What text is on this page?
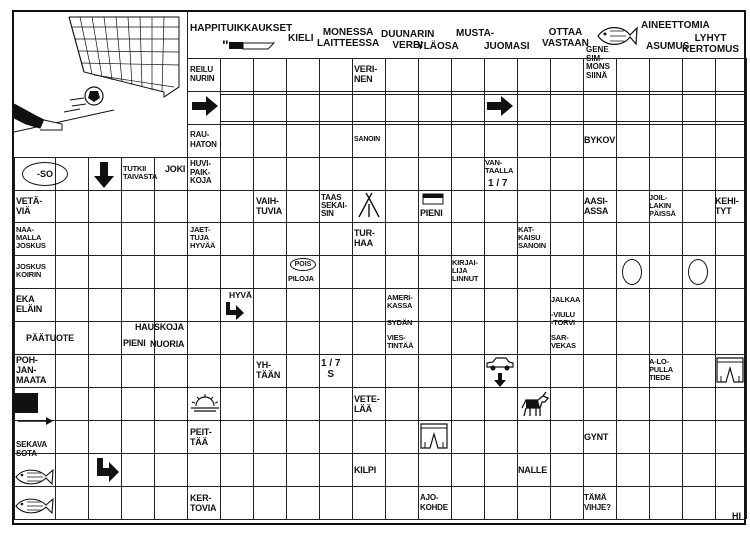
HAPPITUIKKAUKSET
"	KIELI
MONESSA
LAITTEESSA
DUUNARIN
VERBI
MUSTA-
YLÄOSA	JUOMASI
OTTAA
VASTAAN
AINEETTOMIA
ASUMUS
LYHYT
KERTOMUS
GENE

MONS
SIINÄ
REILU
NURIN
VERI-
NEN
RAU-
HATON
SANOIN	BYKOV
-SO
TUTKII
TAIVASTA
JOKI
HUVI-
PAIK-
KOJA
VAN-
TAALLA
1 / 7
VETÄ-
VIÄ
VAIH-
TUVIA
TAAS
SEKAI-
SIN	PIENI
AASI-
ASSA
JOIL-
LAKIN
PÄISSÄ
KEHI-
TYT
NAA-
MALLA
JOSKUS
JAET-
TUJA
HYVÄÄ
TUR-
HAA
KAT-
KAISU
SANOIN
JOSKUS
KOIRIN
POIS
PILOJA
KIRJAI-
LIJA
LINNUT
EKA
ELÄIN
HYVÄ	AMERI-
KASSA
JALKAA
PÄÄTUOTE
HAUSKOJA
PIENI NUORIA
SYDÄN
-VIULU
-TORVI
VIES-
TINTÄÄ
SAR-
VEKAS
POH-
JAN-
MAATA
YH-
TÄÄN
1 / 7
S
A-LO-
PULLA
TIEDE
VETE-
LÄÄ
PEIT-
TÄÄ	GYNT
SEKAVA
SOTA
KILPI	NALLE
KER-
TOVIA
AJO-
KOHDE
TÄMÄ
VIHJE?
HI
